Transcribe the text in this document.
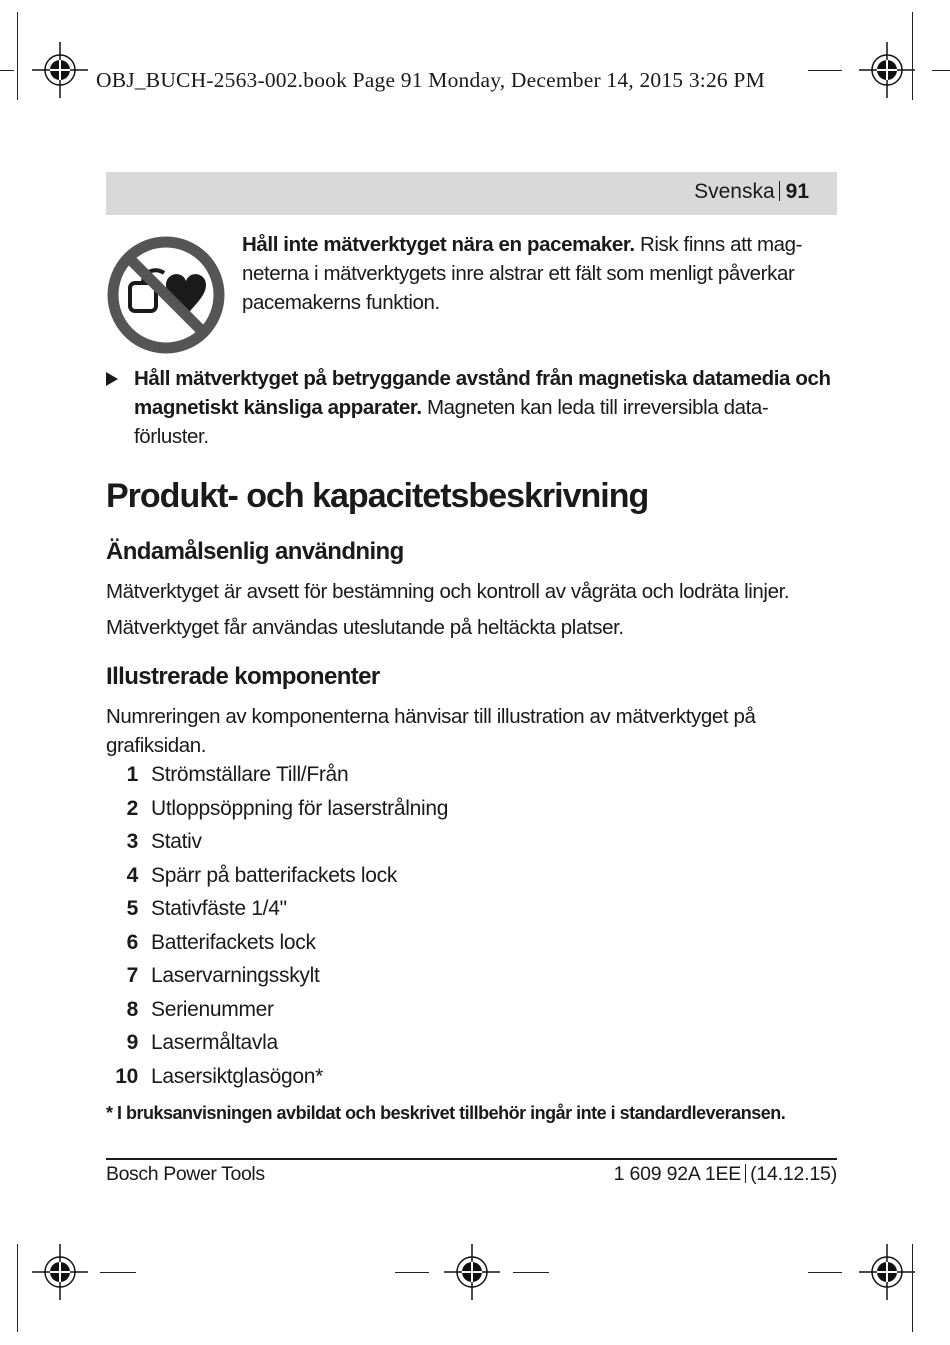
OBJ_BUCH-2563-002.book Page 91 Monday, December 14, 2015 3:26 PM
Svenska 91
Håll inte mätverktyget nära en pacemaker. Risk finns att mag-neterna i mätverktygets inre alstrar ett fält som menligt påverkar pacemakerns funktion.
Håll mätverktyget på betryggande avstånd från magnetiska datamedia och magnetiskt känsliga apparater. Magneten kan leda till irreversibla data-förluster.
Produkt- och kapacitetsbeskrivning
Ändamålsenlig användning
Mätverktyget är avsett för bestämning och kontroll av vågräta och lodräta linjer.
Mätverktyget får användas uteslutande på heltäckta platser.
Illustrerade komponenter
Numreringen av komponenterna hänvisar till illustration av mätverktyget på grafiksidan.
1 Strömställare Till/Från
2 Utloppsöppning för laserstrålning
3 Stativ
4 Spärr på batterifackets lock
5 Stativfäste 1/4"
6 Batterifackets lock
7 Laservarningsskylt
8 Serienummer
9 Lasermåltavla
10 Lasersiktglasögon*
* I bruksanvisningen avbildat och beskrivet tillbehör ingår inte i standardleveransen.
Bosch Power Tools	1 609 92A 1EE (14.12.15)
